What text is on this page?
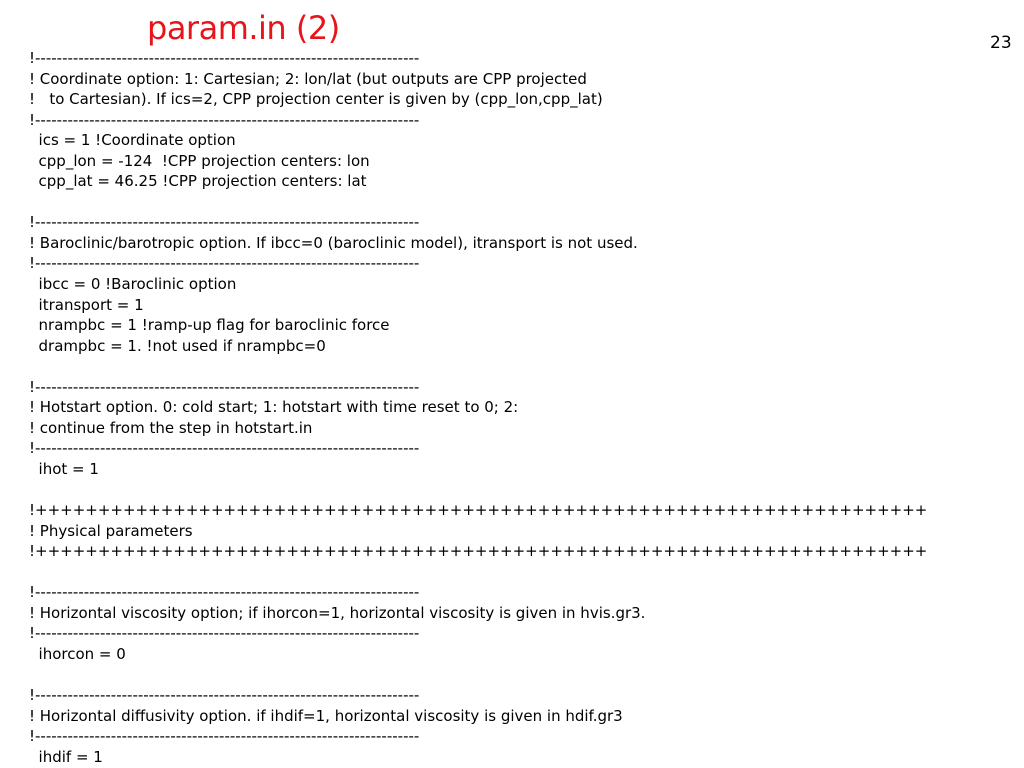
param.in (2)	23
!-----------------------------------------------------------------------
! Coordinate option: 1: Cartesian; 2: lon/lat (but outputs are CPP projected
!   to Cartesian). If ics=2, CPP projection center is given by (cpp_lon,cpp_lat)
!-----------------------------------------------------------------------
ics = 1 !Coordinate option
cpp_lon = -124  !CPP projection centers: lon
cpp_lat = 46.25 !CPP projection centers: lat
!-----------------------------------------------------------------------
! Baroclinic/barotropic option. If ibcc=0 (baroclinic model), itransport is not used.
!-----------------------------------------------------------------------
ibcc = 0 !Baroclinic option
itransport = 1
nrampbc = 1 !ramp-up flag for baroclinic force
drampbc = 1. !not used if nrampbc=0
!-----------------------------------------------------------------------
! Hotstart option. 0: cold start; 1: hotstart with time reset to 0; 2:
! continue from the step in hotstart.in
!-----------------------------------------------------------------------
ihot = 1
!+++++++++++++++++++++++++++++++++++++++++++++++++++++++++++++++++++++++
! Physical parameters
!+++++++++++++++++++++++++++++++++++++++++++++++++++++++++++++++++++++++
!-----------------------------------------------------------------------
! Horizontal viscosity option; if ihorcon=1, horizontal viscosity is given in hvis.gr3.
!-----------------------------------------------------------------------
ihorcon = 0
!-----------------------------------------------------------------------
! Horizontal diffusivity option. if ihdif=1, horizontal viscosity is given in hdif.gr3
!-----------------------------------------------------------------------
ihdif = 1
